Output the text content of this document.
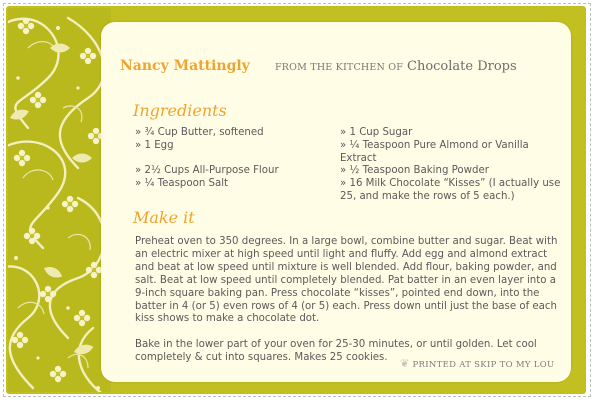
Nancy Mattingly	FROM THE KITCHEN OF Chocolate Drops
Ingredients
» ¾ Cup Butter, softened
» 1 Egg
» 2½ Cups All-Purpose Flour
» ¼ Teaspoon Salt
» 1 Cup Sugar
» ¼ Teaspoon Pure Almond or Vanilla Extract
» ½ Teaspoon Baking Powder
» 16 Milk Chocolate “Kisses” (I actually use 25, and make the rows of 5 each.)
Make it

Preheat oven to 350 degrees. In a large bowl, combine butter and sugar. Beat with an electric mixer at high speed until light and fluffy. Add egg and almond extract and beat at low speed until mixture is well blended. Add flour, baking powder, and salt. Beat at low speed until completely blended. Pat batter in an even layer into a 9-inch square baking pan. Press chocolate “kisses”, pointed end down, into the batter in 4 (or 5) even rows of 4 (or 5) each. Press down until just the base of each kiss shows to make a chocolate dot.

Bake in the lower part of your oven for 25-30 minutes, or until golden. Let cool completely & cut into squares. Makes 25 cookies.	❦ PRINTED AT SKIP TO MY LOU
